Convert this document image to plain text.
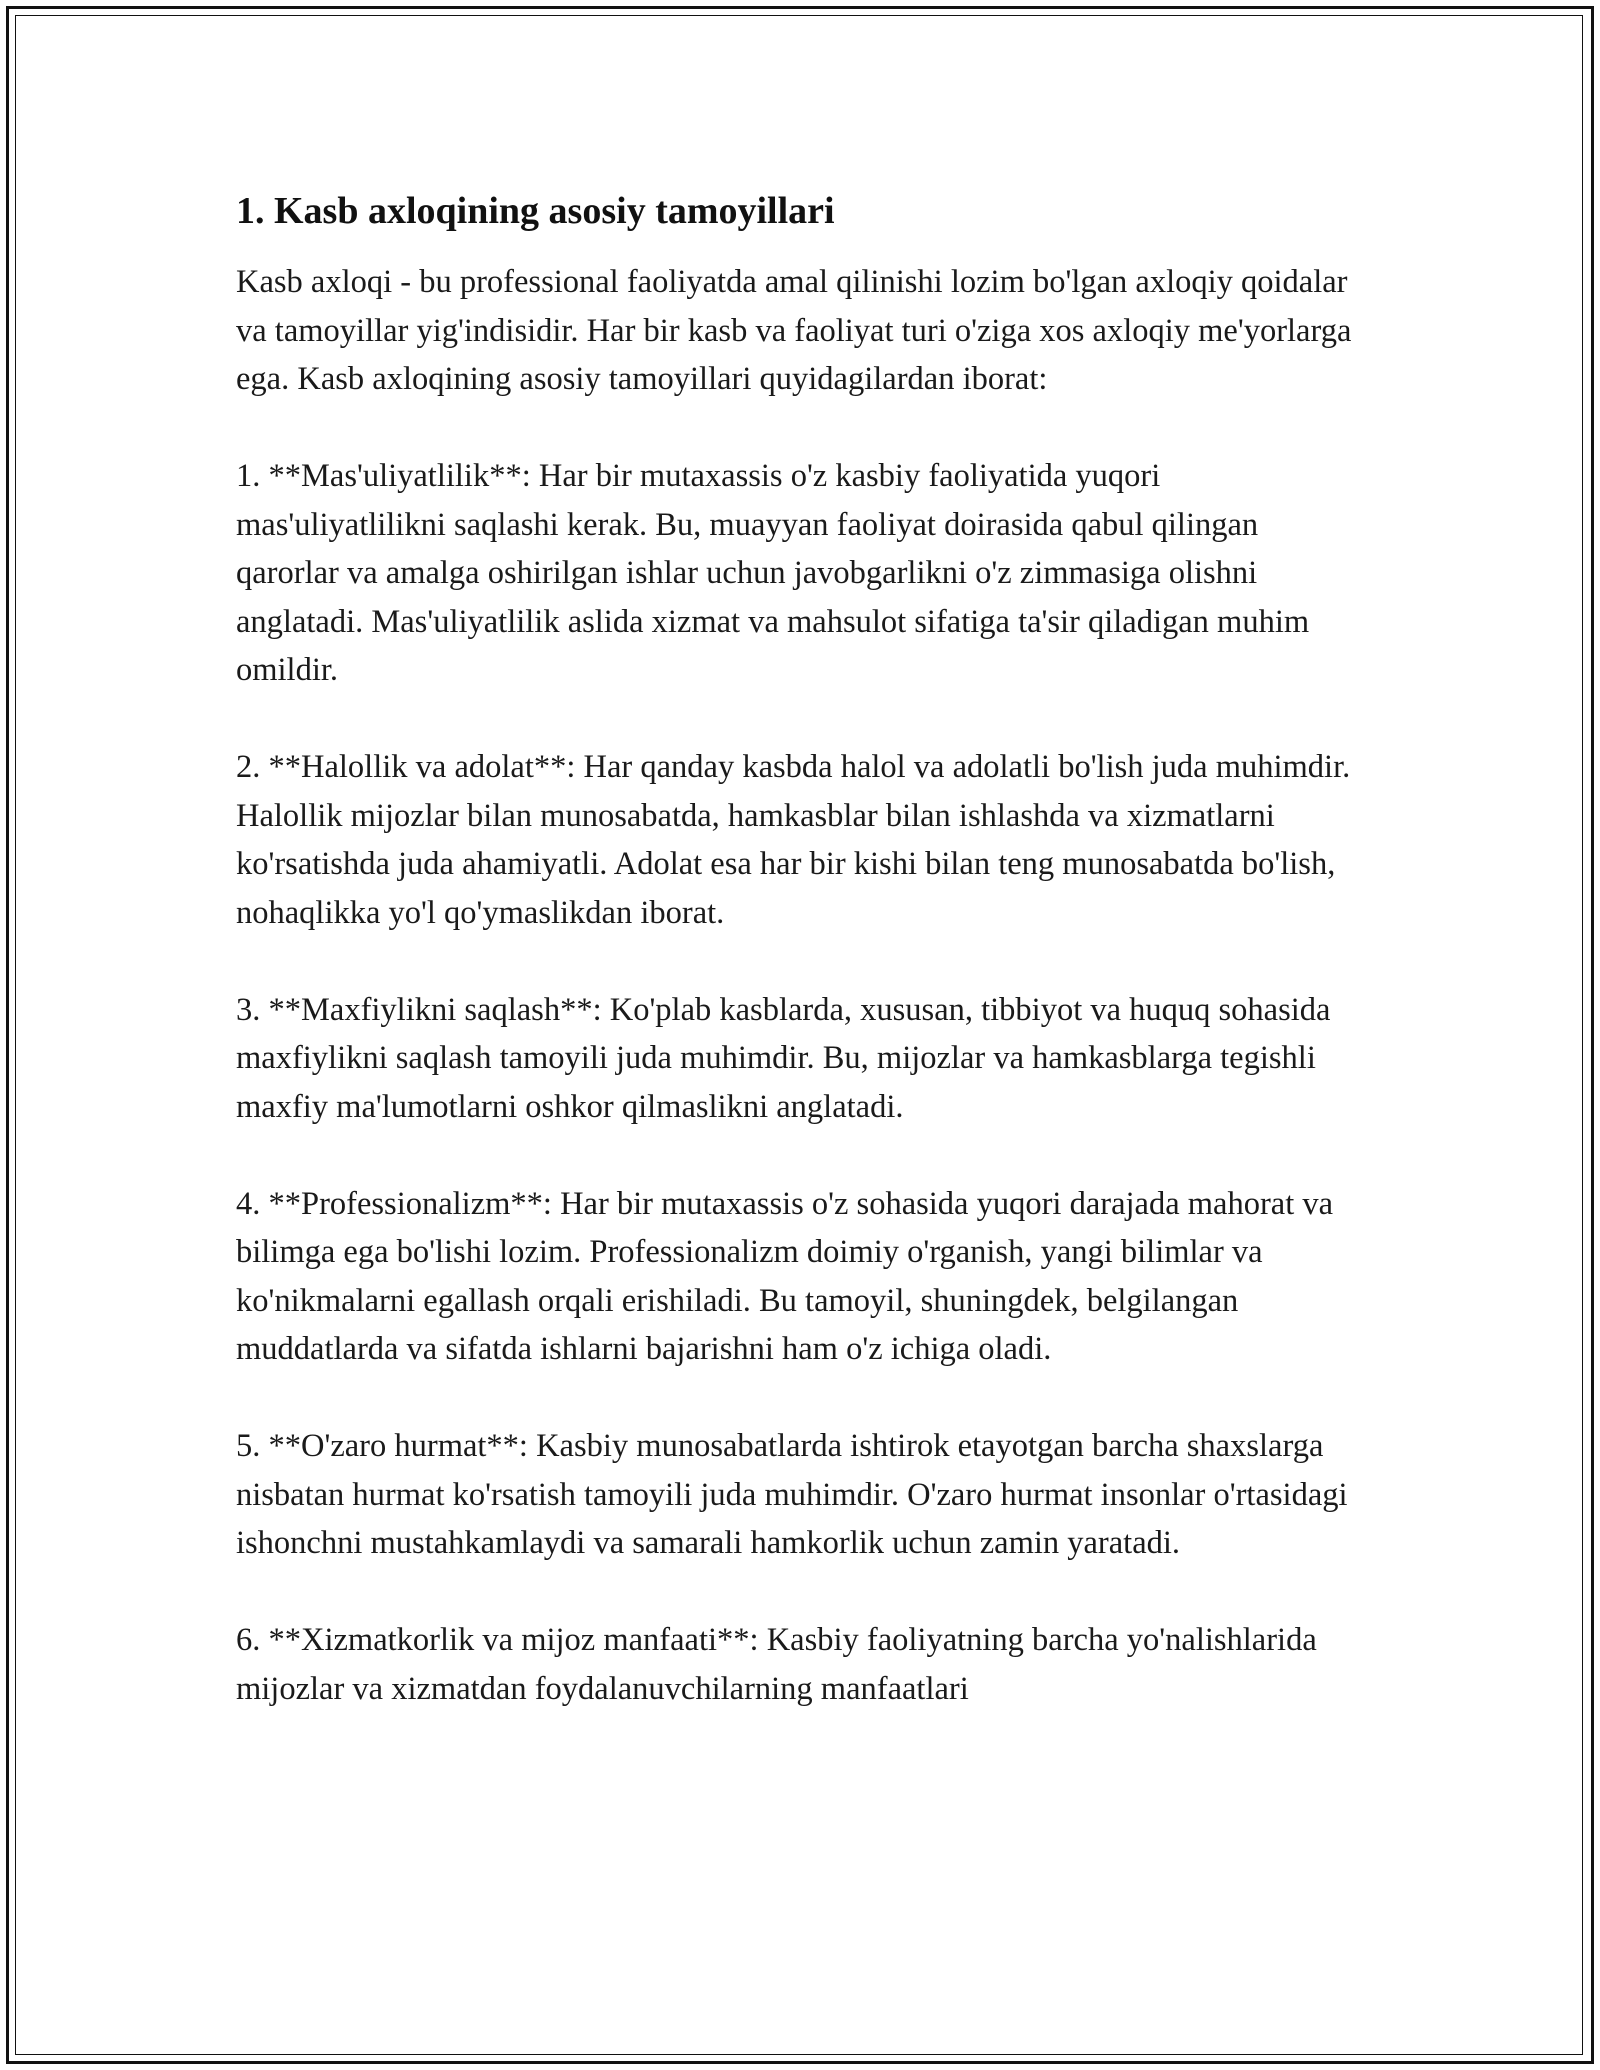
1. Kasb axloqining asosiy tamoyillari

Kasb axloqi - bu professional faoliyatda amal qilinishi lozim bo'lgan axloqiy qoidalar va tamoyillar yig'indisidir. Har bir kasb va faoliyat turi o'ziga xos axloqiy me'yorlarga ega. Kasb axloqining asosiy tamoyillari quyidagilardan iborat:

1. **Mas'uliyatlilik**: Har bir mutaxassis o'z kasbiy faoliyatida yuqori mas'uliyatlilikni saqlashi kerak. Bu, muayyan faoliyat doirasida qabul qilingan qarorlar va amalga oshirilgan ishlar uchun javobgarlikni o'z zimmasiga olishni anglatadi. Mas'uliyatlilik aslida xizmat va mahsulot sifatiga ta'sir qiladigan muhim omildir.

2. **Halollik va adolat**: Har qanday kasbda halol va adolatli bo'lish juda muhimdir. Halollik mijozlar bilan munosabatda, hamkasblar bilan ishlashda va xizmatlarni ko'rsatishda juda ahamiyatli. Adolat esa har bir kishi bilan teng munosabatda bo'lish, nohaqlikka yo'l qo'ymaslikdan iborat.

3. **Maxfiylikni saqlash**: Ko'plab kasblarda, xususan, tibbiyot va huquq sohasida maxfiylikni saqlash tamoyili juda muhimdir. Bu, mijozlar va hamkasblarga tegishli maxfiy ma'lumotlarni oshkor qilmaslikni anglatadi.

4. **Professionalizm**: Har bir mutaxassis o'z sohasida yuqori darajada mahorat va bilimga ega bo'lishi lozim. Professionalizm doimiy o'rganish, yangi bilimlar va ko'nikmalarni egallash orqali erishiladi. Bu tamoyil, shuningdek, belgilangan muddatlarda va sifatda ishlarni bajarishni ham o'z ichiga oladi.

5. **O'zaro hurmat**: Kasbiy munosabatlarda ishtirok etayotgan barcha shaxslarga nisbatan hurmat ko'rsatish tamoyili juda muhimdir. O'zaro hurmat insonlar o'rtasidagi ishonchni mustahkamlaydi va samarali hamkorlik uchun zamin yaratadi.

6. **Xizmatkorlik va mijoz manfaati**: Kasbiy faoliyatning barcha yo'nalishlarida mijozlar va xizmatdan foydalanuvchilarning manfaatlari
